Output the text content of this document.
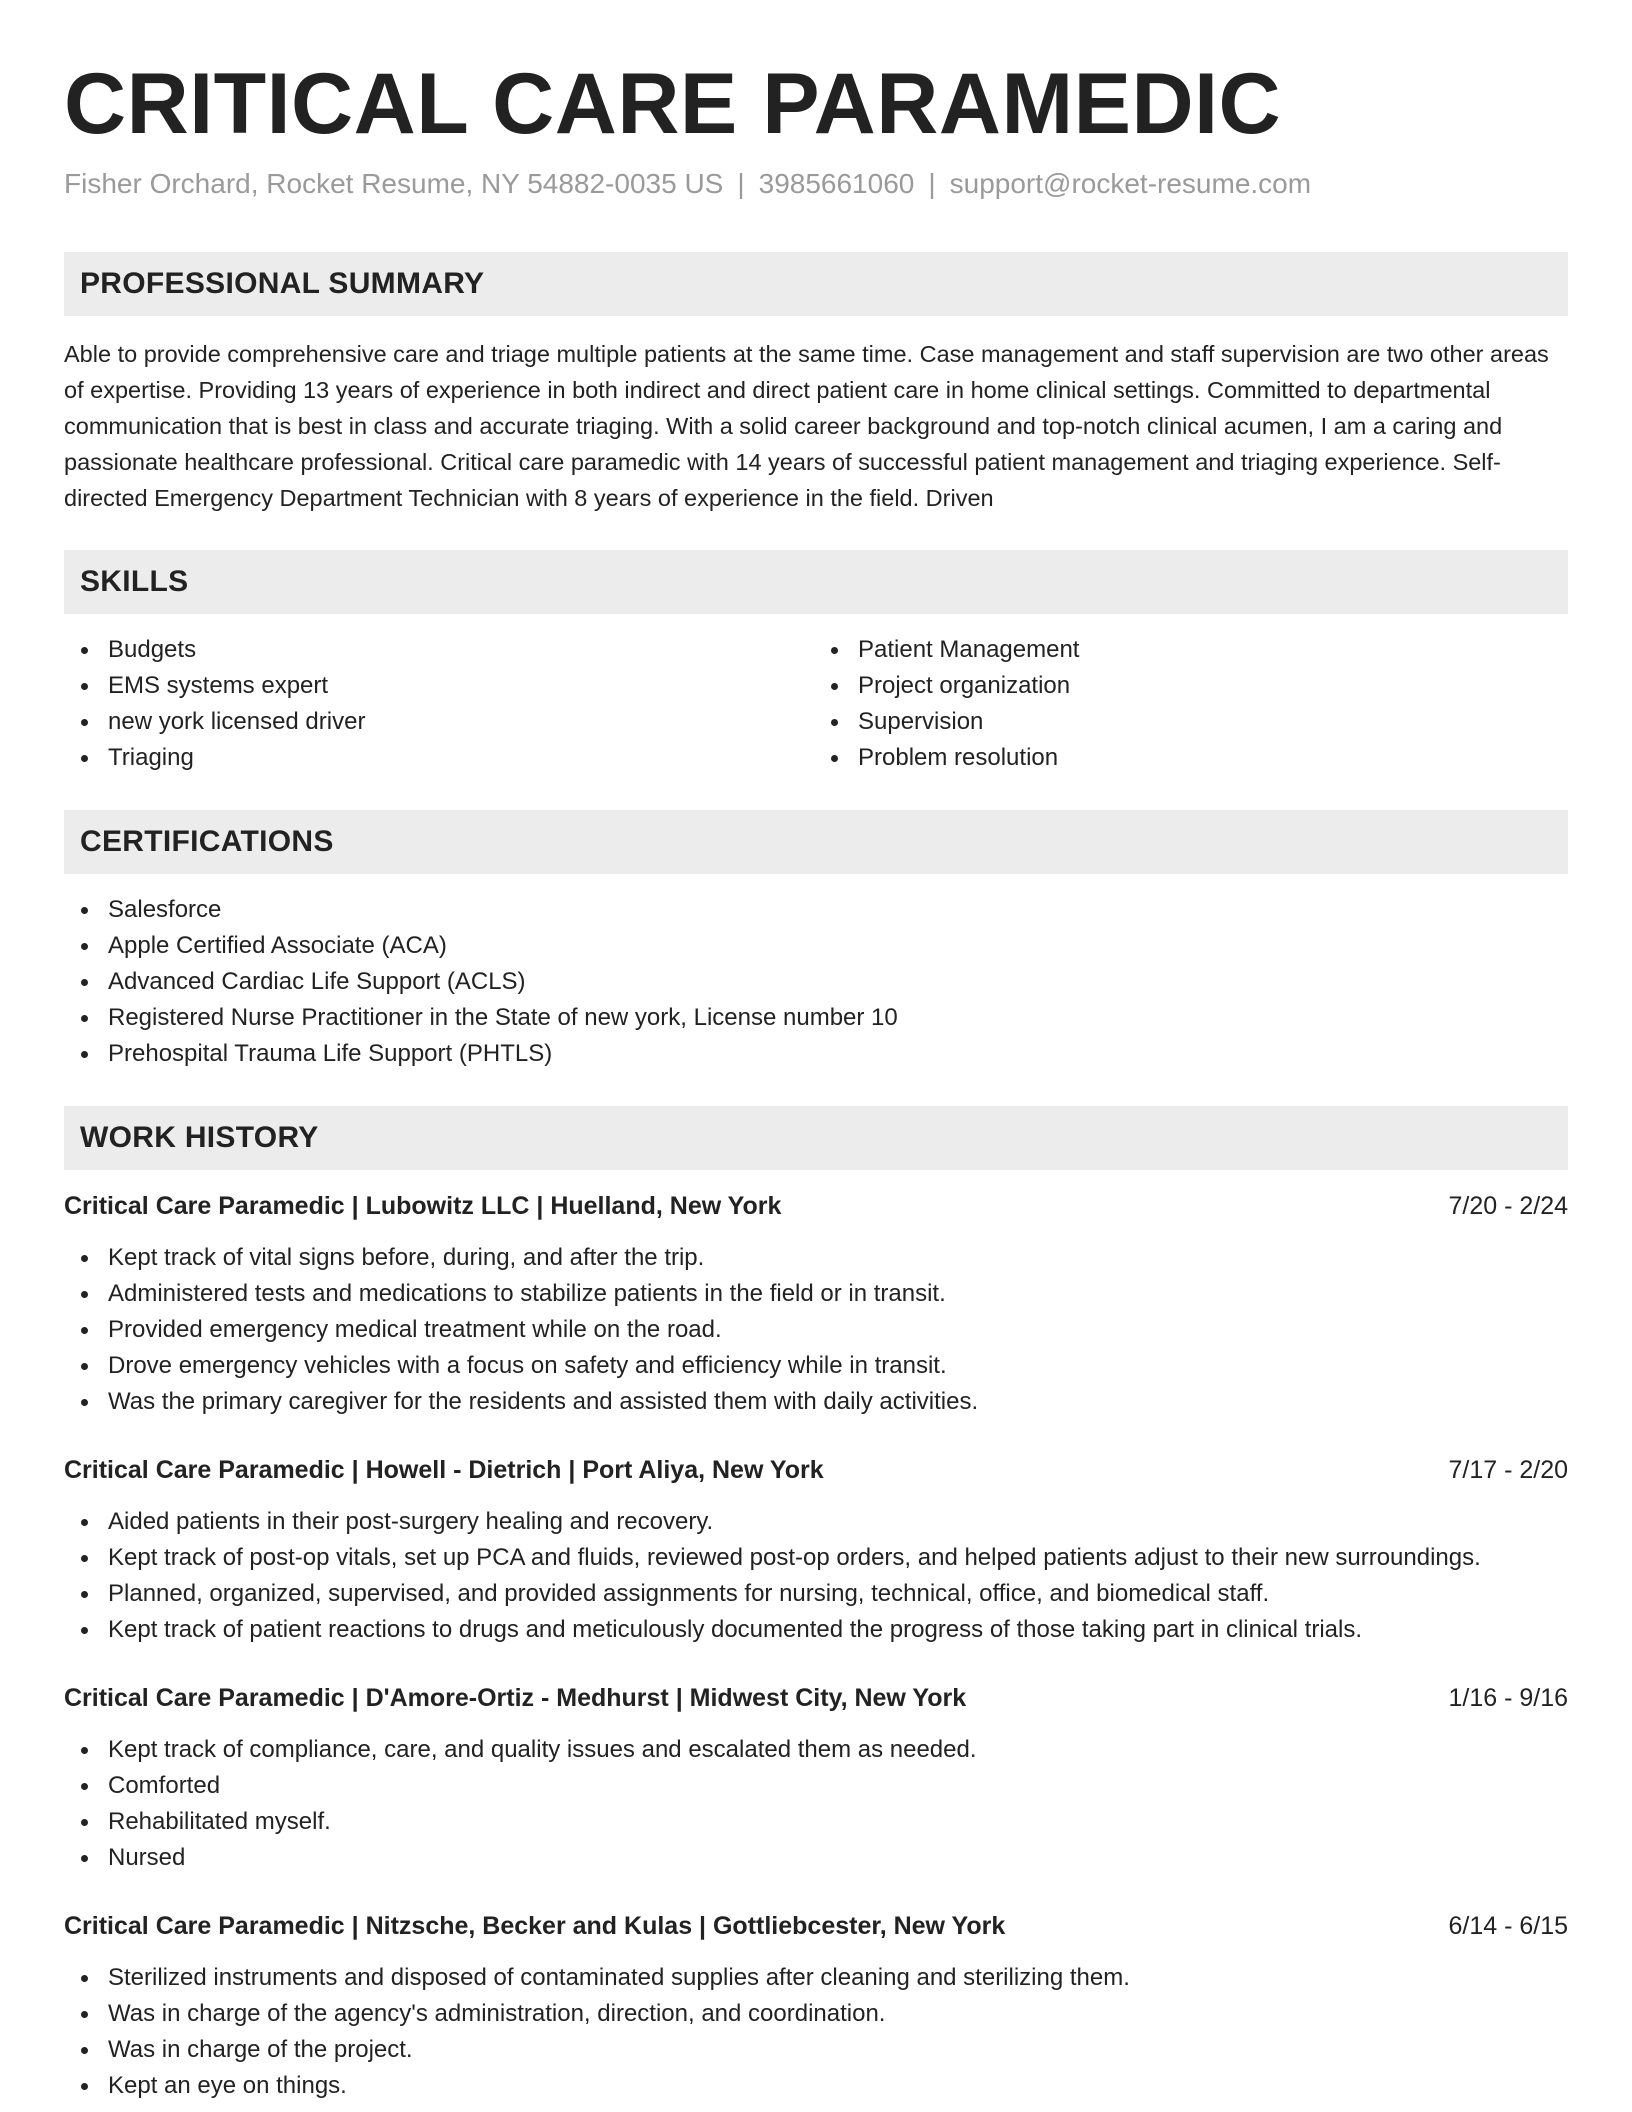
CRITICAL CARE PARAMEDIC
Fisher Orchard, Rocket Resume, NY 54882-0035 US | 3985661060 | support@rocket-resume.com
PROFESSIONAL SUMMARY
Able to provide comprehensive care and triage multiple patients at the same time. Case management and staff supervision are two other areas of expertise. Providing 13 years of experience in both indirect and direct patient care in home clinical settings. Committed to departmental communication that is best in class and accurate triaging. With a solid career background and top-notch clinical acumen, I am a caring and passionate healthcare professional. Critical care paramedic with 14 years of successful patient management and triaging experience. Self-directed Emergency Department Technician with 8 years of experience in the field. Driven
SKILLS
Budgets
EMS systems expert
new york licensed driver
Triaging
Patient Management
Project organization
Supervision
Problem resolution
CERTIFICATIONS
Salesforce
Apple Certified Associate (ACA)
Advanced Cardiac Life Support (ACLS)
Registered Nurse Practitioner in the State of new york, License number 10
Prehospital Trauma Life Support (PHTLS)
WORK HISTORY
Critical Care Paramedic | Lubowitz LLC | Huelland, New York	7/20 - 2/24
Kept track of vital signs before, during, and after the trip.
Administered tests and medications to stabilize patients in the field or in transit.
Provided emergency medical treatment while on the road.
Drove emergency vehicles with a focus on safety and efficiency while in transit.
Was the primary caregiver for the residents and assisted them with daily activities.
Critical Care Paramedic | Howell - Dietrich | Port Aliya, New York	7/17 - 2/20
Aided patients in their post-surgery healing and recovery.
Kept track of post-op vitals, set up PCA and fluids, reviewed post-op orders, and helped patients adjust to their new surroundings.
Planned, organized, supervised, and provided assignments for nursing, technical, office, and biomedical staff.
Kept track of patient reactions to drugs and meticulously documented the progress of those taking part in clinical trials.
Critical Care Paramedic | D'Amore-Ortiz - Medhurst | Midwest City, New York	1/16 - 9/16
Kept track of compliance, care, and quality issues and escalated them as needed.
Comforted
Rehabilitated myself.
Nursed
Critical Care Paramedic | Nitzsche, Becker and Kulas | Gottliebcester, New York	6/14 - 6/15
Sterilized instruments and disposed of contaminated supplies after cleaning and sterilizing them.
Was in charge of the agency's administration, direction, and coordination.
Was in charge of the project.
Kept an eye on things.
